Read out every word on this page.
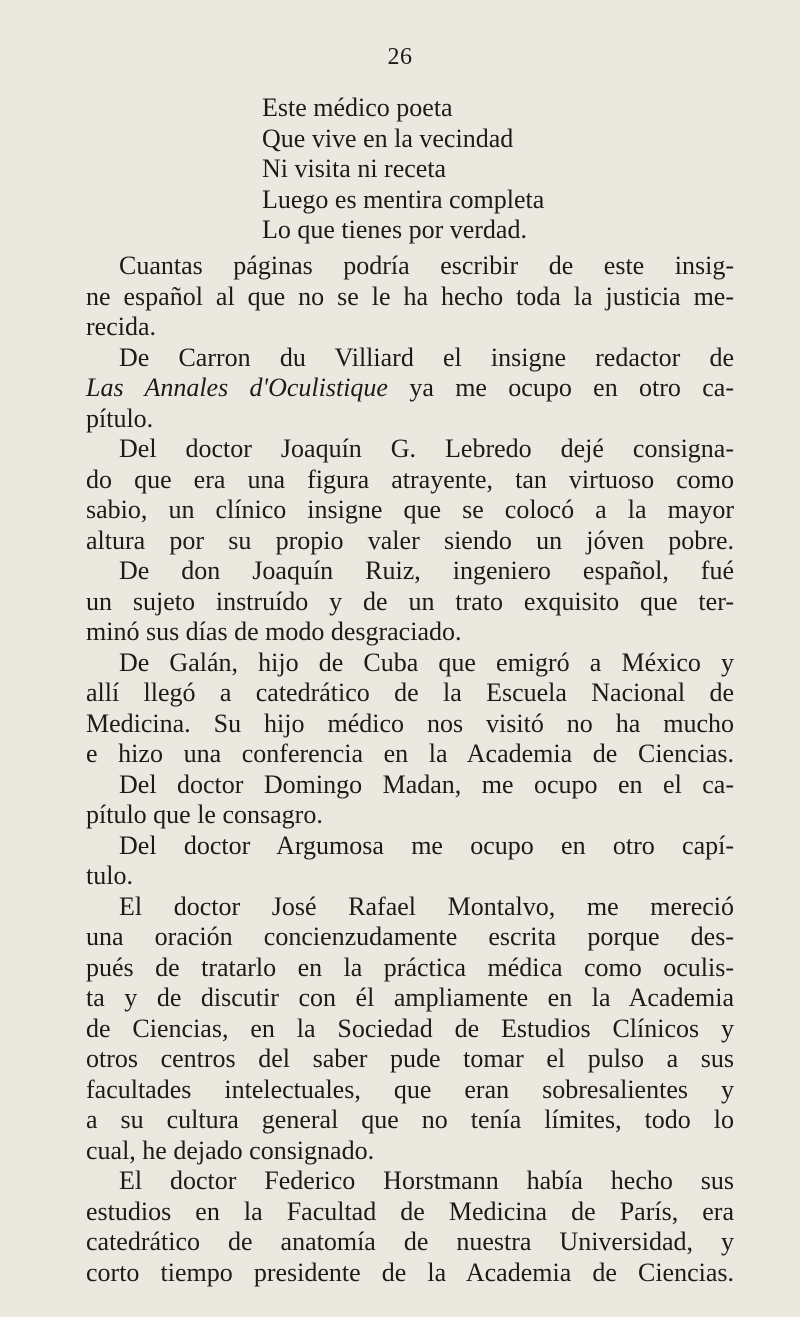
26
Este médico poeta
Que vive en la vecindad
Ni visita ni receta
Luego es mentira completa
Lo que tienes por verdad.
Cuantas páginas podría escribir de este insig-
ne español al que no se le ha hecho toda la justicia me-
recida.
De Carron du Villiard el insigne redactor de
Las Annales d'Oculistique ya me ocupo en otro ca-
pítulo.
Del doctor Joaquín G. Lebredo dejé consigna-
do que era una figura atrayente, tan virtuoso como
sabio, un clínico insigne que se colocó a la mayor
altura por su propio valer siendo un jóven pobre.
De don Joaquín Ruiz, ingeniero español, fué
un sujeto instruído y de un trato exquisito que ter-
minó sus días de modo desgraciado.
De Galán, hijo de Cuba que emigró a México y
allí llegó a catedrático de la Escuela Nacional de
Medicina. Su hijo médico nos visitó no ha mucho
e hizo una conferencia en la Academia de Ciencias.
Del doctor Domingo Madan, me ocupo en el ca-
pítulo que le consagro.
Del doctor Argumosa me ocupo en otro capí-
tulo.
El doctor José Rafael Montalvo, me mereció
una oración concienzudamente escrita porque des-
pués de tratarlo en la práctica médica como oculis-
ta y de discutir con él ampliamente en la Academia
de Ciencias, en la Sociedad de Estudios Clínicos y
otros centros del saber pude tomar el pulso a sus
facultades intelectuales, que eran sobresalientes y
a su cultura general que no tenía límites, todo lo
cual, he dejado consignado.
El doctor Federico Horstmann había hecho sus
estudios en la Facultad de Medicina de París, era
catedrático de anatomía de nuestra Universidad, y
corto tiempo presidente de la Academia de Ciencias.
